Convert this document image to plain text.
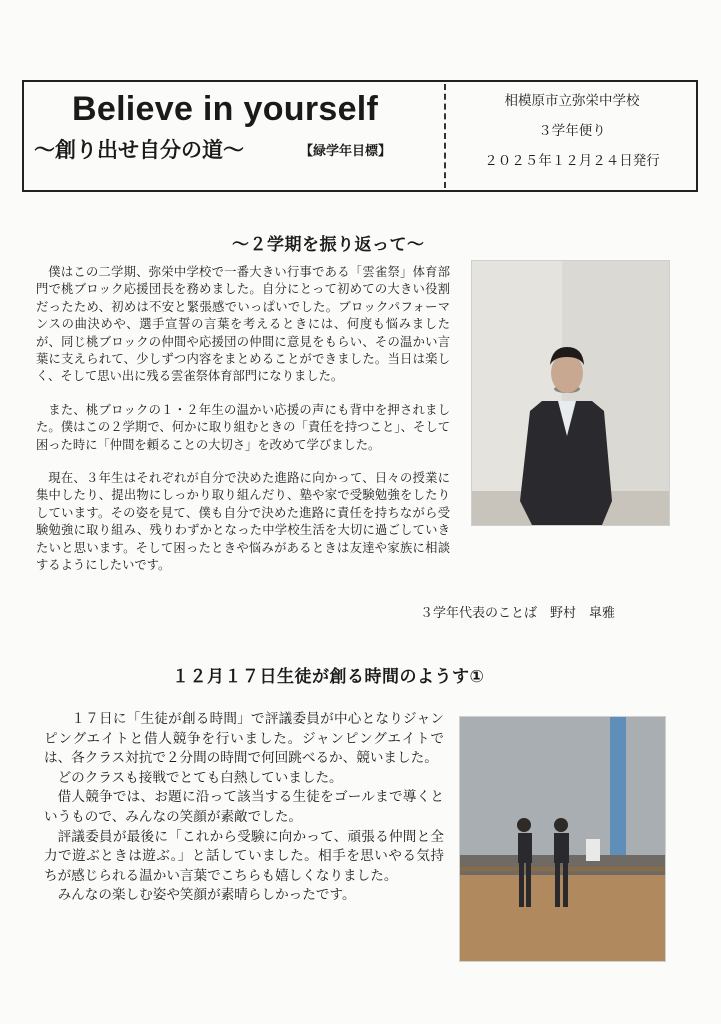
Believe in yourself
〜創り出せ自分の道〜	【緑学年目標】
相模原市立弥栄中学校
３学年便り
２０２５年１２月２４日発行
〜２学期を振り返って〜

僕はこの二学期、弥栄中学校で一番大きい行事である「雲雀祭」体育部門で桃ブロック応援団長を務めました。自分にとって初めての大きい役割だったため、初めは不安と緊張感でいっぱいでした。ブロックパフォーマンスの曲決めや、選手宣誓の言葉を考えるときには、何度も悩みましたが、同じ桃ブロックの仲間や応援団の仲間に意見をもらい、その温かい言葉に支えられて、少しずつ内容をまとめることができました。当日は楽しく、そして思い出に残る雲雀祭体育部門になりました。

また、桃ブロックの１・２年生の温かい応援の声にも背中を押されました。僕はこの２学期で、何かに取り組むときの「責任を持つこと」、そして困った時に「仲間を頼ることの大切さ」を改めて学びました。

現在、３年生はそれぞれが自分で決めた進路に向かって、日々の授業に集中したり、提出物にしっかり取り組んだり、塾や家で受験勉強をしたりしています。その姿を見て、僕も自分で決めた進路に責任を持ちながら受験勉強に取り組み、残りわずかとなった中学校生活を大切に過ごしていきたいと思います。そして困ったときや悩みがあるときは友達や家族に相談するようにしたいです。

３学年代表のことば　野村　皐雅
１２月１７日生徒が創る時間のようす①

　１７日に「生徒が創る時間」で評議委員が中心となりジャンピングエイトと借人競争を行いました。ジャンピングエイトでは、各クラス対抗で２分間の時間で何回跳べるか、競いました。

どのクラスも接戦でとても白熱していました。

借人競争では、お題に沿って該当する生徒をゴールまで導くというもので、みんなの笑顔が素敵でした。

評議委員が最後に「これから受験に向かって、頑張る仲間と全力で遊ぶときは遊ぶ。」と話していました。相手を思いやる気持ちが感じられる温かい言葉でこちらも嬉しくなりました。

みんなの楽しむ姿や笑顔が素晴らしかったです。
